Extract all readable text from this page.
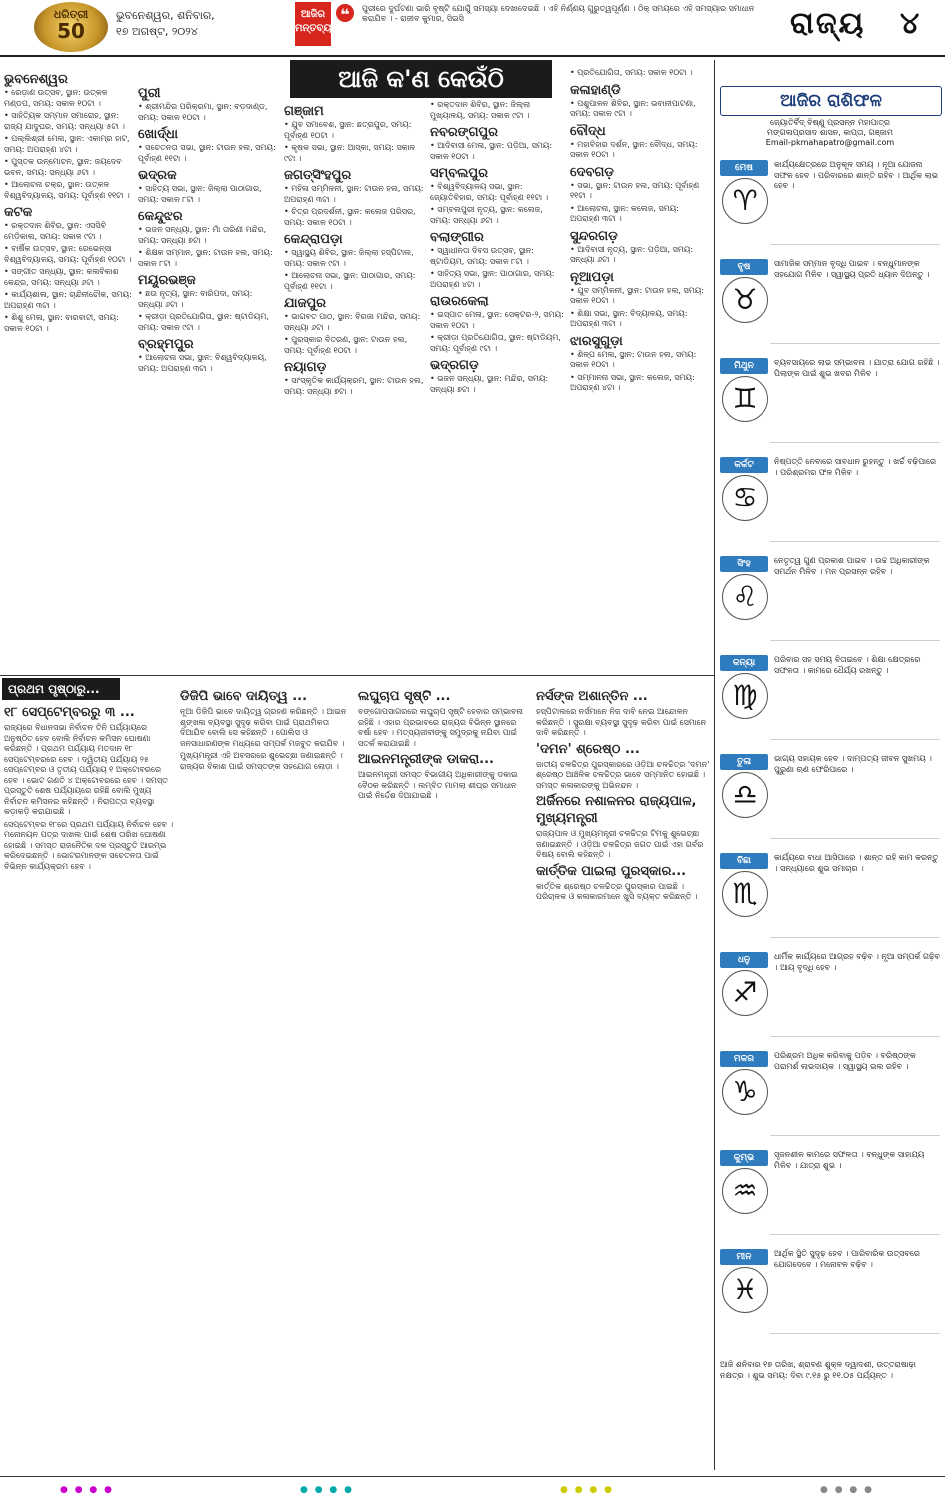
ଧରିତ୍ରୀ
50
ଭୁବନେଶ୍ୱର, ଶନିବାର,
୧୭ ଅଗଷ୍ଟ, ୨୦୨୪
ଆଜିର ମନ୍ତବ୍ୟ
❝	ପୁରୀରେ ଦୁର୍ଘଟଣା ଭାରି ବୃଷ୍ଟି ଯୋଗୁଁ ସମସ୍ୟା ଦେଖାଦେଇଛି । ଏହି ନିର୍ଣ୍ଣୟ ଗୁରୁତ୍ୱପୂର୍ଣ୍ଣ । ଠିକ୍ ସମୟରେ ଏହି ସମସ୍ୟାର ସମାଧାନ କରାଯିବ । - ରାଜୀବ କୁମାର, ସିଇସି	ରାଜ୍ୟ ୪
ଆଜି କ'ଣ କେଉଁଠି
ଭୁବନେଶ୍ୱର
• ରେଡ଼ାଣ ଉତ୍ସବ, ସ୍ଥାନ: ଉତ୍କଳ ମଣ୍ଡପ, ସମୟ: ସକାଳ ୧୦ଟା ।
• ସାହିତ୍ୟିକ ସମ୍ମାନ ସମାରୋହ, ସ୍ଥାନ: ରାଜ୍ୟ ଯାଦୁଘର, ସମୟ: ସନ୍ଧ୍ୟା ୫ଟା ।
• ପଲ୍ଲିଶ୍ରୀ ମେଳା, ସ୍ଥାନ: ଏକାମ୍ର ହାଟ, ସମୟ: ଅପରାହ୍ଣ ୪ଟା ।
• ପୁସ୍ତକ ଉନ୍ମୋଚନ, ସ୍ଥାନ: ଜୟଦେବ ଭବନ, ସମୟ: ସନ୍ଧ୍ୟା ୬ଟା ।
• ଆଲୋଚନା ଚକ୍ର, ସ୍ଥାନ: ଉତ୍କଳ ବିଶ୍ୱବିଦ୍ୟାଳୟ, ସମୟ: ପୂର୍ବାହ୍ଣ ୧୧ଟା ।
କଟକ
• ରକ୍ତଦାନ ଶିବିର, ସ୍ଥାନ: ଏସସିବି ମେଡ଼ିକାଲ, ସମୟ: ସକାଳ ୯ଟା ।
• ବାର୍ଷିକ ଉତ୍ସବ, ସ୍ଥାନ: ରେଭେନ୍ସା ବିଶ୍ୱବିଦ୍ୟାଳୟ, ସମୟ: ପୂର୍ବାହ୍ଣ ୧୦ଟା ।
• ସଙ୍ଗୀତ ସନ୍ଧ୍ୟା, ସ୍ଥାନ: କଳାବିକାଶ କେନ୍ଦ୍ର, ସମୟ: ସନ୍ଧ୍ୟା ୬ଟା ।
• କାର୍ଯ୍ୟଶାଳା, ସ୍ଥାନ: ଚାନ୍ଦିନୀଚୌକ, ସମୟ: ଅପରାହ୍ଣ ୩ଟା ।
• ଶିଶୁ ମେଳା, ସ୍ଥାନ: ବାରବାଟୀ, ସମୟ: ସକାଳ ୧୦ଟା ।
ପୁରୀ
• ଶ୍ରୀମନ୍ଦିର ପରିକ୍ରମା, ସ୍ଥାନ: ବଡ଼ଦାଣ୍ଡ, ସମୟ: ସକାଳ ୧୦ଟା ।
ଖୋର୍ଦ୍ଧା
• ସଚେତନତା ସଭା, ସ୍ଥାନ: ଟାଉନ ହଲ, ସମୟ: ପୂର୍ବାହ୍ଣ ୧୧ଟା ।
ଭଦ୍ରକ
• ସାହିତ୍ୟ ସଭା, ସ୍ଥାନ: ଜିଲ୍ଲା ପାଠାଗାର, ସମୟ: ସକାଳ ୮ଟା ।
କେନ୍ଦୁଝର
• ଭଜନ ସନ୍ଧ୍ୟା, ସ୍ଥାନ: ମାଁ ତାରିଣୀ ମନ୍ଦିର, ସମୟ: ସନ୍ଧ୍ୟା ୭ଟା ।
• ଶିକ୍ଷକ ସମ୍ମାନ, ସ୍ଥାନ: ଟାଉନ ହଲ, ସମୟ: ସକାଳ ୮ଟା ।
ମୟୂରଭଞ୍ଜ
• ଛଉ ନୃତ୍ୟ, ସ୍ଥାନ: ବାରିପଦା, ସମୟ: ସନ୍ଧ୍ୟା ୬ଟା ।
• କ୍ରୀଡ଼ା ପ୍ରତିଯୋଗିତା, ସ୍ଥାନ: ଷ୍ଟାଡିୟମ, ସମୟ: ସକାଳ ୯ଟା ।
ବ୍ରହ୍ମପୁର
• ଆଲୋଚନା ସଭା, ସ୍ଥାନ: ବିଶ୍ୱବିଦ୍ୟାଳୟ, ସମୟ: ଅପରାହ୍ଣ ୩ଟା ।
ଗଞ୍ଜାମ
• ଯୁବ ସମାବେଶ, ସ୍ଥାନ: ଛତ୍ରପୁର, ସମୟ: ପୂର୍ବାହ୍ଣ ୧୦ଟା ।
• କୃଷକ ସଭା, ସ୍ଥାନ: ଆସ୍କା, ସମୟ: ସକାଳ ୯ଟା ।
ଜଗତ୍‌ସିଂହପୁର
• ମହିଳା ସମ୍ମିଳନୀ, ସ୍ଥାନ: ଟାଉନ ହଲ, ସମୟ: ଅପରାହ୍ଣ ୩ଟା ।
• ଚିତ୍ର ପ୍ରଦର୍ଶନୀ, ସ୍ଥାନ: କଲେଜ ପରିସର, ସମୟ: ସକାଳ ୧୦ଟା ।
କେନ୍ଦ୍ରାପଡ଼ା
• ସ୍ୱାସ୍ଥ୍ୟ ଶିବିର, ସ୍ଥାନ: ଜିଲ୍ଲା ହସ୍ପିଟାଲ, ସମୟ: ସକାଳ ୯ଟା ।
• ଆଲୋଚନା ସଭା, ସ୍ଥାନ: ପାଠାଗାର, ସମୟ: ପୂର୍ବାହ୍ଣ ୧୧ଟା ।
ଯାଜପୁର
• ଭାଗବତ ପାଠ, ସ୍ଥାନ: ବିରଜା ମନ୍ଦିର, ସମୟ: ସନ୍ଧ୍ୟା ୬ଟା ।
• ପୁରସ୍କାର ବିତରଣ, ସ୍ଥାନ: ଟାଉନ ହଲ, ସମୟ: ପୂର୍ବାହ୍ଣ ୧୦ଟା ।
ନୟାଗଡ଼
• ସାଂସ୍କୃତିକ କାର୍ଯ୍ୟକ୍ରମ, ସ୍ଥାନ: ଟାଉନ ହଲ, ସମୟ: ସନ୍ଧ୍ୟା ୭ଟା ।
• ରକ୍ତଦାନ ଶିବିର, ସ୍ଥାନ: ଜିଲ୍ଲା ମୁଖ୍ୟାଳୟ, ସମୟ: ସକାଳ ୯ଟା ।
ନବରଙ୍ଗପୁର
• ଆଦିବାସୀ ମେଳା, ସ୍ଥାନ: ପଡ଼ିଆ, ସମୟ: ସକାଳ ୧୦ଟା ।
ସମ୍ବଲପୁର
• ବିଶ୍ୱବିଦ୍ୟାଳୟ ସଭା, ସ୍ଥାନ: ଜ୍ୟୋତିବିହାର, ସମୟ: ପୂର୍ବାହ୍ଣ ୧୧ଟା ।
• ସମ୍ବଲପୁରୀ ନୃତ୍ୟ, ସ୍ଥାନ: କଲେଜ, ସମୟ: ସନ୍ଧ୍ୟା ୬ଟା ।
ବଲାଙ୍ଗୀର
• ସ୍ୱାଧୀନତା ଦିବସ ଉତ୍ସବ, ସ୍ଥାନ: ଷ୍ଟାଡିୟମ, ସମୟ: ସକାଳ ୮ଟା ।
• ସାହିତ୍ୟ ସଭା, ସ୍ଥାନ: ପାଠାଗାର, ସମୟ: ଅପରାହ୍ଣ ୪ଟା ।
ରାଉରକେଲା
• ଇସ୍ପାତ ମେଳା, ସ୍ଥାନ: ସେକ୍ଟର-୨, ସମୟ: ସକାଳ ୧୦ଟା ।
• କ୍ରୀଡ଼ା ପ୍ରତିଯୋଗିତା, ସ୍ଥାନ: ଷ୍ଟାଡିୟମ, ସମୟ: ପୂର୍ବାହ୍ଣ ୯ଟା ।
ଭଦ୍ରଗଡ଼
• ଭଜନ ସନ୍ଧ୍ୟା, ସ୍ଥାନ: ମନ୍ଦିର, ସମୟ: ସନ୍ଧ୍ୟା ୭ଟା ।
• ପ୍ରତିଯୋଗିତା, ସମୟ: ସକାଳ ୧୦ଟା ।
କଳାହାଣ୍ଡି
• ପଶୁପାଳନ ଶିବିର, ସ୍ଥାନ: ଭବାନୀପାଟଣା, ସମୟ: ସକାଳ ୯ଟା ।
ବୌଦ୍ଧ
• ମହାବିହାର ଦର୍ଶନ, ସ୍ଥାନ: ବୌଦ୍ଧ, ସମୟ: ସକାଳ ୧୦ଟା ।
ଦେବଗଡ଼
• ସଭା, ସ୍ଥାନ: ଟାଉନ ହଲ, ସମୟ: ପୂର୍ବାହ୍ଣ ୧୧ଟା ।
• ଆଲୋଚନା, ସ୍ଥାନ: କଲେଜ, ସମୟ: ଅପରାହ୍ଣ ୩ଟା ।
ସୁନ୍ଦରଗଡ଼
• ଆଦିବାସୀ ନୃତ୍ୟ, ସ୍ଥାନ: ପଡ଼ିଆ, ସମୟ: ସନ୍ଧ୍ୟା ୬ଟା ।
ନୂଆପଡ଼ା
• ଯୁବ ସମ୍ମିଳନୀ, ସ୍ଥାନ: ଟାଉନ ହଲ, ସମୟ: ସକାଳ ୧୦ଟା ।
• ଶିକ୍ଷା ସଭା, ସ୍ଥାନ: ବିଦ୍ୟାଳୟ, ସମୟ: ଅପରାହ୍ଣ ୩ଟା ।
ଝାରସୁଗୁଡ଼ା
• ଶିଳ୍ପ ମେଳା, ସ୍ଥାନ: ଟାଉନ ହଲ, ସମୟ: ସକାଳ ୧୦ଟା ।
• ସମ୍ମାନନା ସଭା, ସ୍ଥାନ: କଲେଜ, ସମୟ: ଅପରାହ୍ଣ ୪ଟା ।
ଆଜିର ରାଶିଫଳ
ଜ୍ୟୋତିର୍ବିଦ୍ ବିଷ୍ଣୁ ପ୍ରସନ୍ନ ମହାପାତ୍ର
ମଙ୍ଗଳାପ୍ରସାଦ ଶାସନ, କାପ୍ତା, ଗଞ୍ଜାମ
Email-pkmahapatro@gmail.com
ମେଷ
♈
କାର୍ଯ୍ୟକ୍ଷେତ୍ରରେ ଅନୁକୂଳ ସମୟ । ନୂଆ ଯୋଜନା ସଫଳ ହେବ । ପରିବାରରେ ଶାନ୍ତି ରହିବ । ଆର୍ଥିକ ଲାଭ ହେବ ।
ବୃଷ
♉
ସାମାଜିକ ସମ୍ମାନ ବୃଦ୍ଧି ପାଇବ । ବନ୍ଧୁମାନଙ୍କ ସହଯୋଗ ମିଳିବ । ସ୍ୱାସ୍ଥ୍ୟ ପ୍ରତି ଧ୍ୟାନ ଦିଅନ୍ତୁ ।
ମିଥୁନ
♊
ବ୍ୟବସାୟରେ ଲାଭ ସମ୍ଭାବନା । ଯାତ୍ରା ଯୋଗ ରହିଛି । ପିଲାଙ୍କ ପାଇଁ ଶୁଭ ଖବର ମିଳିବ ।
କର୍କଟ
♋
ନିଷ୍ପତ୍ତି ନେବାରେ ସାବଧାନ ରୁହନ୍ତୁ । ଖର୍ଚ୍ଚ ବଢ଼ିପାରେ । ପରିଶ୍ରମର ଫଳ ମିଳିବ ।
ସିଂହ
♌
ନେତୃତ୍ୱ ଗୁଣ ପ୍ରକାଶ ପାଇବ । ଉଚ୍ଚ ଅଧିକାରୀଙ୍କ ସମର୍ଥନ ମିଳିବ । ମନ ପ୍ରସନ୍ନ ରହିବ ।
କନ୍ୟା
♍
ପରିବାର ସହ ସମୟ ବିତାଇବେ । ଶିକ୍ଷା କ୍ଷେତ୍ରରେ ସଫଳତା । କାମରେ ଧୈର୍ଯ୍ୟ ରଖନ୍ତୁ ।
ତୁଳା
♎
ଭାଗ୍ୟ ସହାୟକ ହେବ । ଦାମ୍ପତ୍ୟ ଜୀବନ ସୁଖମୟ । ପୁରୁଣା ଋଣ ଫେରିପାରେ ।
ବିଛା
♏
କାର୍ଯ୍ୟରେ ବାଧା ଆସିପାରେ । ଶାନ୍ତ ରହି କାମ କରନ୍ତୁ । ସନ୍ଧ୍ୟାରେ ଶୁଭ ସମାଚାର ।
ଧନୁ
♐
ଧାର୍ମିକ କାର୍ଯ୍ୟରେ ଆଗ୍ରହ ବଢ଼ିବ । ନୂଆ ସମ୍ପର୍କ ଗଢ଼ିବ । ଆୟ ବୃଦ୍ଧି ହେବ ।
ମକର
♑
ପରିଶ୍ରମ ଅଧିକ କରିବାକୁ ପଡ଼ିବ । ବରିଷ୍ଠଙ୍କ ପରାମର୍ଶ ଲାଭଦାୟକ । ସ୍ୱାସ୍ଥ୍ୟ ଭଲ ରହିବ ।
କୁମ୍ଭ
♒
ସୃଜନଶୀଳ କାମରେ ସଫଳତା । ବନ୍ଧୁଙ୍କ ସାହାଯ୍ୟ ମିଳିବ । ଯାତ୍ରା ଶୁଭ ।
ମୀନ
♓
ଆର୍ଥିକ ସ୍ଥିତି ସୁଦୃଢ଼ ହେବ । ପାରିବାରିକ ଉତ୍ସବରେ ଯୋଗଦେବେ । ମନୋବଳ ବଢ଼ିବ ।
ଆଜି ଶନିବାର ୧୭ ତାରିଖ, ଶ୍ରାବଣ ଶୁକ୍ଳ ଦ୍ୱାଦଶୀ, ଉତ୍ତରାଷାଢ଼ା ନକ୍ଷତ୍ର । ଶୁଭ ସମୟ: ଦିବା ୯.୧୫ ରୁ ୧୧.୦୫ ପର୍ଯ୍ୟନ୍ତ ।
ପ୍ରଥମ ପୃଷ୍ଠାରୁ...
୧୮ ସେପ୍ଟେମ୍ବରରୁ ୩ ...
ରାଜ୍ୟରେ ବିଧାନସଭା ନିର୍ବାଚନ ତିନି ପର୍ଯ୍ୟାୟରେ ଅନୁଷ୍ଠିତ ହେବ ବୋଲି ନିର୍ବାଚନ କମିସନ ଘୋଷଣା କରିଛନ୍ତି । ପ୍ରଥମ ପର୍ଯ୍ୟାୟ ମତଦାନ ୧୮ ସେପ୍ଟେମ୍ବରରେ ହେବ । ଦ୍ୱିତୀୟ ପର୍ଯ୍ୟାୟ ୨୫ ସେପ୍ଟେମ୍ବର ଓ ତୃତୀୟ ପର୍ଯ୍ୟାୟ ୧ ଅକ୍ଟୋବରରେ ହେବ । ଭୋଟ ଗଣତି ୪ ଅକ୍ଟୋବରରେ ହେବ । ସମସ୍ତ ପ୍ରସ୍ତୁତି ଶେଷ ପର୍ଯ୍ୟାୟରେ ରହିଛି ବୋଲି ମୁଖ୍ୟ ନିର୍ବାଚନ କମିସନର କହିଛନ୍ତି । ନିରାପତ୍ତା ବ୍ୟବସ୍ଥା କଡ଼ାକଡ଼ି କରାଯାଇଛି ।
ସେପ୍ଟେମ୍ବର ୧୮ରେ ପ୍ରଥମ ପର୍ଯ୍ୟାୟ ନିର୍ବାଚନ ହେବ । ମନୋନୟନ ପତ୍ର ଦାଖଲ ପାଇଁ ଶେଷ ତାରିଖ ଘୋଷଣା ହୋଇଛି । ସମସ୍ତ ରାଜନୈତିକ ଦଳ ପ୍ରସ୍ତୁତି ଆରମ୍ଭ କରିଦେଇଛନ୍ତି । ଭୋଟରମାନଙ୍କ ସଚେତନତା ପାଇଁ ବିଭିନ୍ନ କାର୍ଯ୍ୟକ୍ରମ ହେବ ।
ଡିଜିପି ଭାବେ ଦାୟିତ୍ୱ ...
ନୂଆ ଡିଜିପି ଭାବେ ଦାୟିତ୍ୱ ଗ୍ରହଣ କରିଛନ୍ତି । ଆଇନ ଶୃଙ୍ଖଳା ବ୍ୟବସ୍ଥା ସୁଦୃଢ଼ କରିବା ପାଇଁ ପ୍ରାଥମିକତା ଦିଆଯିବ ବୋଲି ସେ କହିଛନ୍ତି । ପୋଲିସ ଓ ଜନସାଧାରଣଙ୍କ ମଧ୍ୟରେ ସମ୍ପର୍କ ମଜବୁତ କରାଯିବ ।
ମୁଖ୍ୟମନ୍ତ୍ରୀ ଏହି ଅବସରରେ ଶୁଭେଚ୍ଛା ଜଣାଇଛନ୍ତି । ରାଜ୍ୟର ବିକାଶ ପାଇଁ ସମସ୍ତଙ୍କ ସହଯୋଗ ଲୋଡ଼ା ।
ଲଘୁଚାପ ସୃଷ୍ଟି ...
ବଙ୍ଗୋପସାଗରରେ ଲଘୁଚାପ ସୃଷ୍ଟି ହେବାର ସମ୍ଭାବନା ରହିଛି । ଏହାର ପ୍ରଭାବରେ ରାଜ୍ୟର ବିଭିନ୍ନ ସ୍ଥାନରେ ବର୍ଷା ହେବ । ମତ୍ସ୍ୟଜୀବୀଙ୍କୁ ସମୁଦ୍ରକୁ ନଯିବା ପାଇଁ ସତର୍କ କରାଯାଇଛି ।
ଆଇନମନ୍ତ୍ରୀଙ୍କ ଡାକରା...
ଆଇନମନ୍ତ୍ରୀ ସମସ୍ତ ବିଭାଗୀୟ ଅଧିକାରୀଙ୍କୁ ଡକାଇ ବୈଠକ କରିଛନ୍ତି । ଲମ୍ବିତ ମାମଲା ଶୀଘ୍ର ସମାଧାନ ପାଇଁ ନିର୍ଦ୍ଦେଶ ଦିଆଯାଇଛି ।
ନର୍ସଙ୍କ ଅଶାନ୍ତିନ ...
ହସ୍ପିଟାଲରେ ନର୍ସମାନେ ନିଜ ଦାବି ନେଇ ଆନ୍ଦୋଳନ କରିଛନ୍ତି । ସୁରକ୍ଷା ବ୍ୟବସ୍ଥା ସୁଦୃଢ଼ କରିବା ପାଇଁ ସେମାନେ ଦାବି କରିଛନ୍ତି ।
'ଦମନ' ଶ୍ରେଷ୍ଠ ...
ଜାତୀୟ ଚଳଚ୍ଚିତ୍ର ପୁରସ୍କାରରେ ଓଡ଼ିଆ ଚଳଚ୍ଚିତ୍ର 'ଦମନ' ଶ୍ରେଷ୍ଠ ଆଞ୍ଚଳିକ ଚଳଚ୍ଚିତ୍ର ଭାବେ ସମ୍ମାନିତ ହୋଇଛି । ସମସ୍ତ କଳାକାରଙ୍କୁ ଅଭିନନ୍ଦନ ।
ଅର୍ଜିନରେ ନଶାଳନର ରାଜ୍ୟପାଳ, ମୁଖ୍ୟମନ୍ତ୍ରୀ
ରାଜ୍ୟପାଳ ଓ ମୁଖ୍ୟମନ୍ତ୍ରୀ ଚଳଚ୍ଚିତ୍ର ଟିମକୁ ଶୁଭେଚ୍ଛା ଜଣାଇଛନ୍ତି । ଓଡ଼ିଆ ଚଳଚ୍ଚିତ୍ର ଜଗତ ପାଇଁ ଏହା ଗର୍ବର ବିଷୟ ବୋଲି କହିଛନ୍ତି ।
କାର୍ତ୍ତିକ ପାଇଲା ପୁରସ୍କାର...
କାର୍ତ୍ତିକ ଶ୍ରେଷ୍ଠ ଚଳଚ୍ଚିତ୍ର ପୁରସ୍କାର ପାଇଛି । ପରିଚାଳକ ଓ କଳାକାରମାନେ ଖୁସି ବ୍ୟକ୍ତ କରିଛନ୍ତି ।
● ● ● ●	● ● ● ●	● ● ● ●	● ● ● ●
